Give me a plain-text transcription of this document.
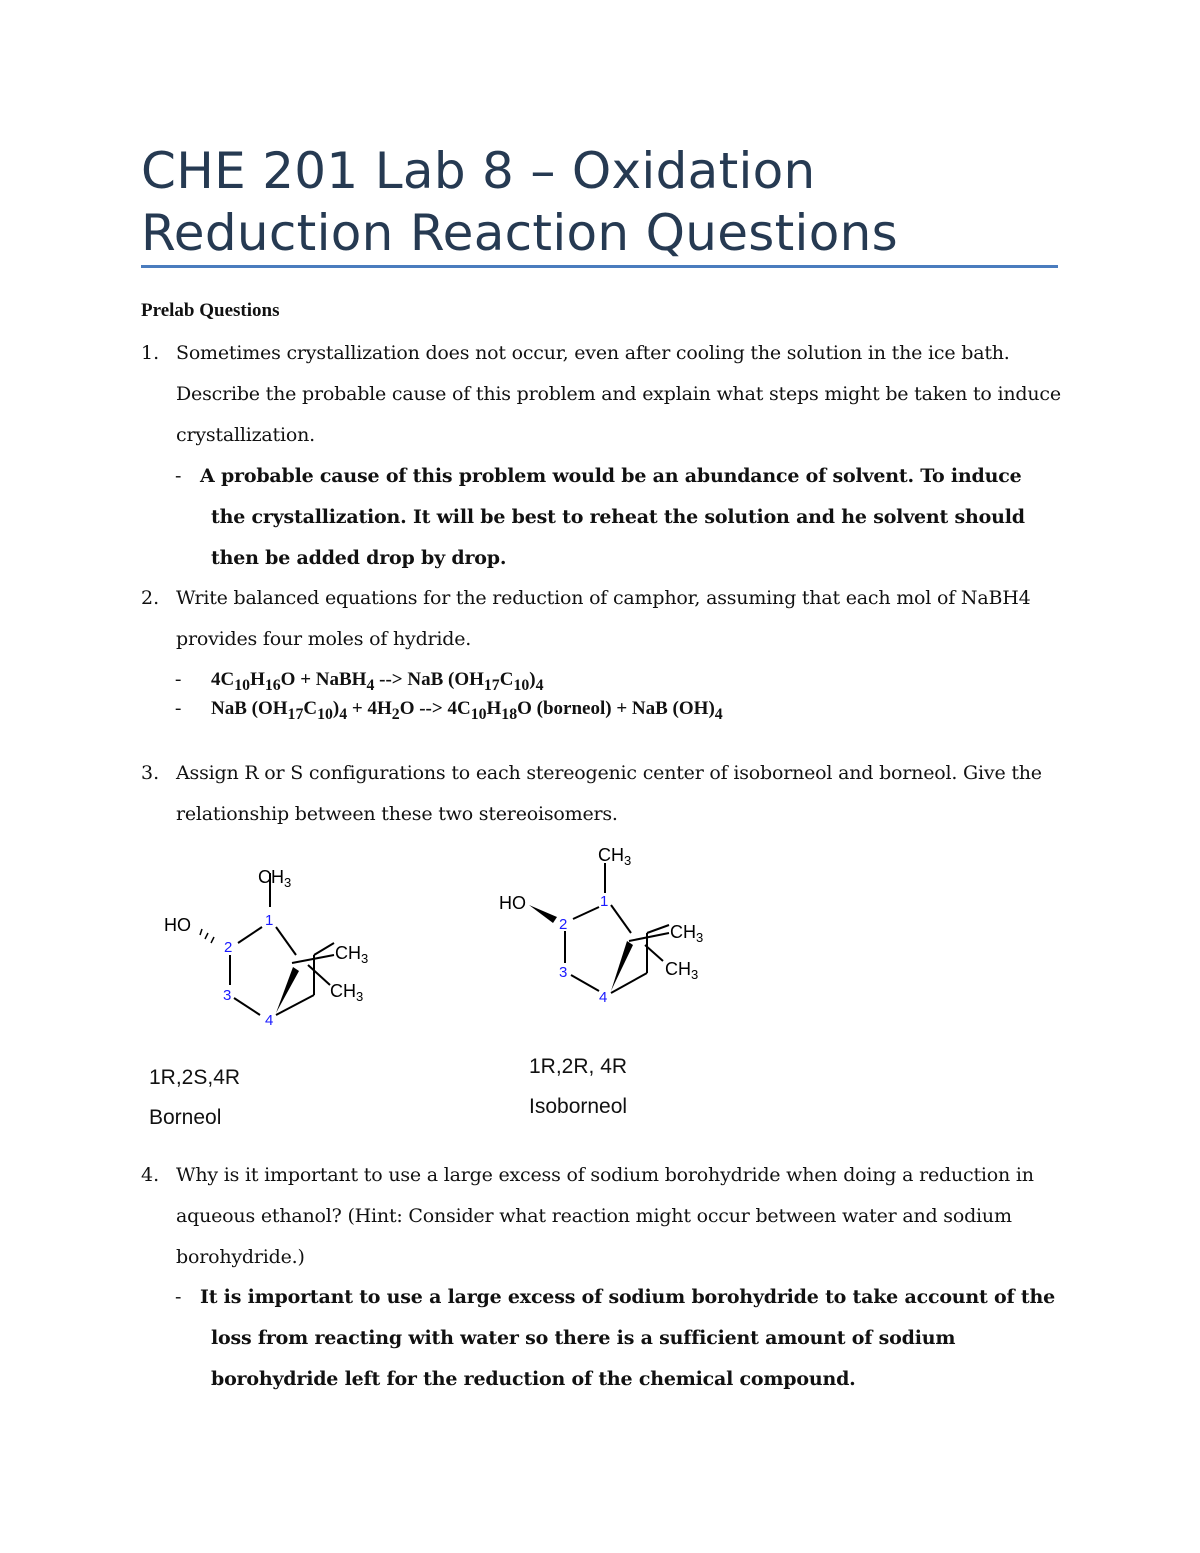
CHE 201 Lab 8 – Oxidation Reduction Reaction Questions
Prelab Questions
1. Sometimes crystallization does not occur, even after cooling the solution in the ice bath. Describe the probable cause of this problem and explain what steps might be taken to induce crystallization.
- A probable cause of this problem would be an abundance of solvent. To induce the crystallization. It will be best to reheat the solution and he solvent should then be added drop by drop.
2. Write balanced equations for the reduction of camphor, assuming that each mol of NaBH4 provides four moles of hydride.
- $4C_{10}H_{16}O$ + NaBH$_4$ --> NaB $(OH_{17}C_{10})_4$
- NaB $(OH_{17}C_{10})_4 + 4H_2O$ --> $4C_{10}H_{18}O$ (borneol) + NaB $(OH)_4$
3. Assign R or S configurations to each stereogenic center of isoborneol and borneol. Give the relationship between these two stereoisomers.
HO
$CH_3$
$CH_3$
$CH_3$
1
2
3
4
HO
$CH_3$
$CH_3$
$CH_3$
1
2
3
4
1R,2S,4R
Borneol
1R,2R, 4R
Isoborneol
4. Why is it important to use a large excess of sodium borohydride when doing a reduction in aqueous ethanol? (Hint: Consider what reaction might occur between water and sodium borohydride.)
- It is important to use a large excess of sodium borohydride to take account of the loss from reacting with water so there is a sufficient amount of sodium borohydride left for the reduction of the chemical compound.
